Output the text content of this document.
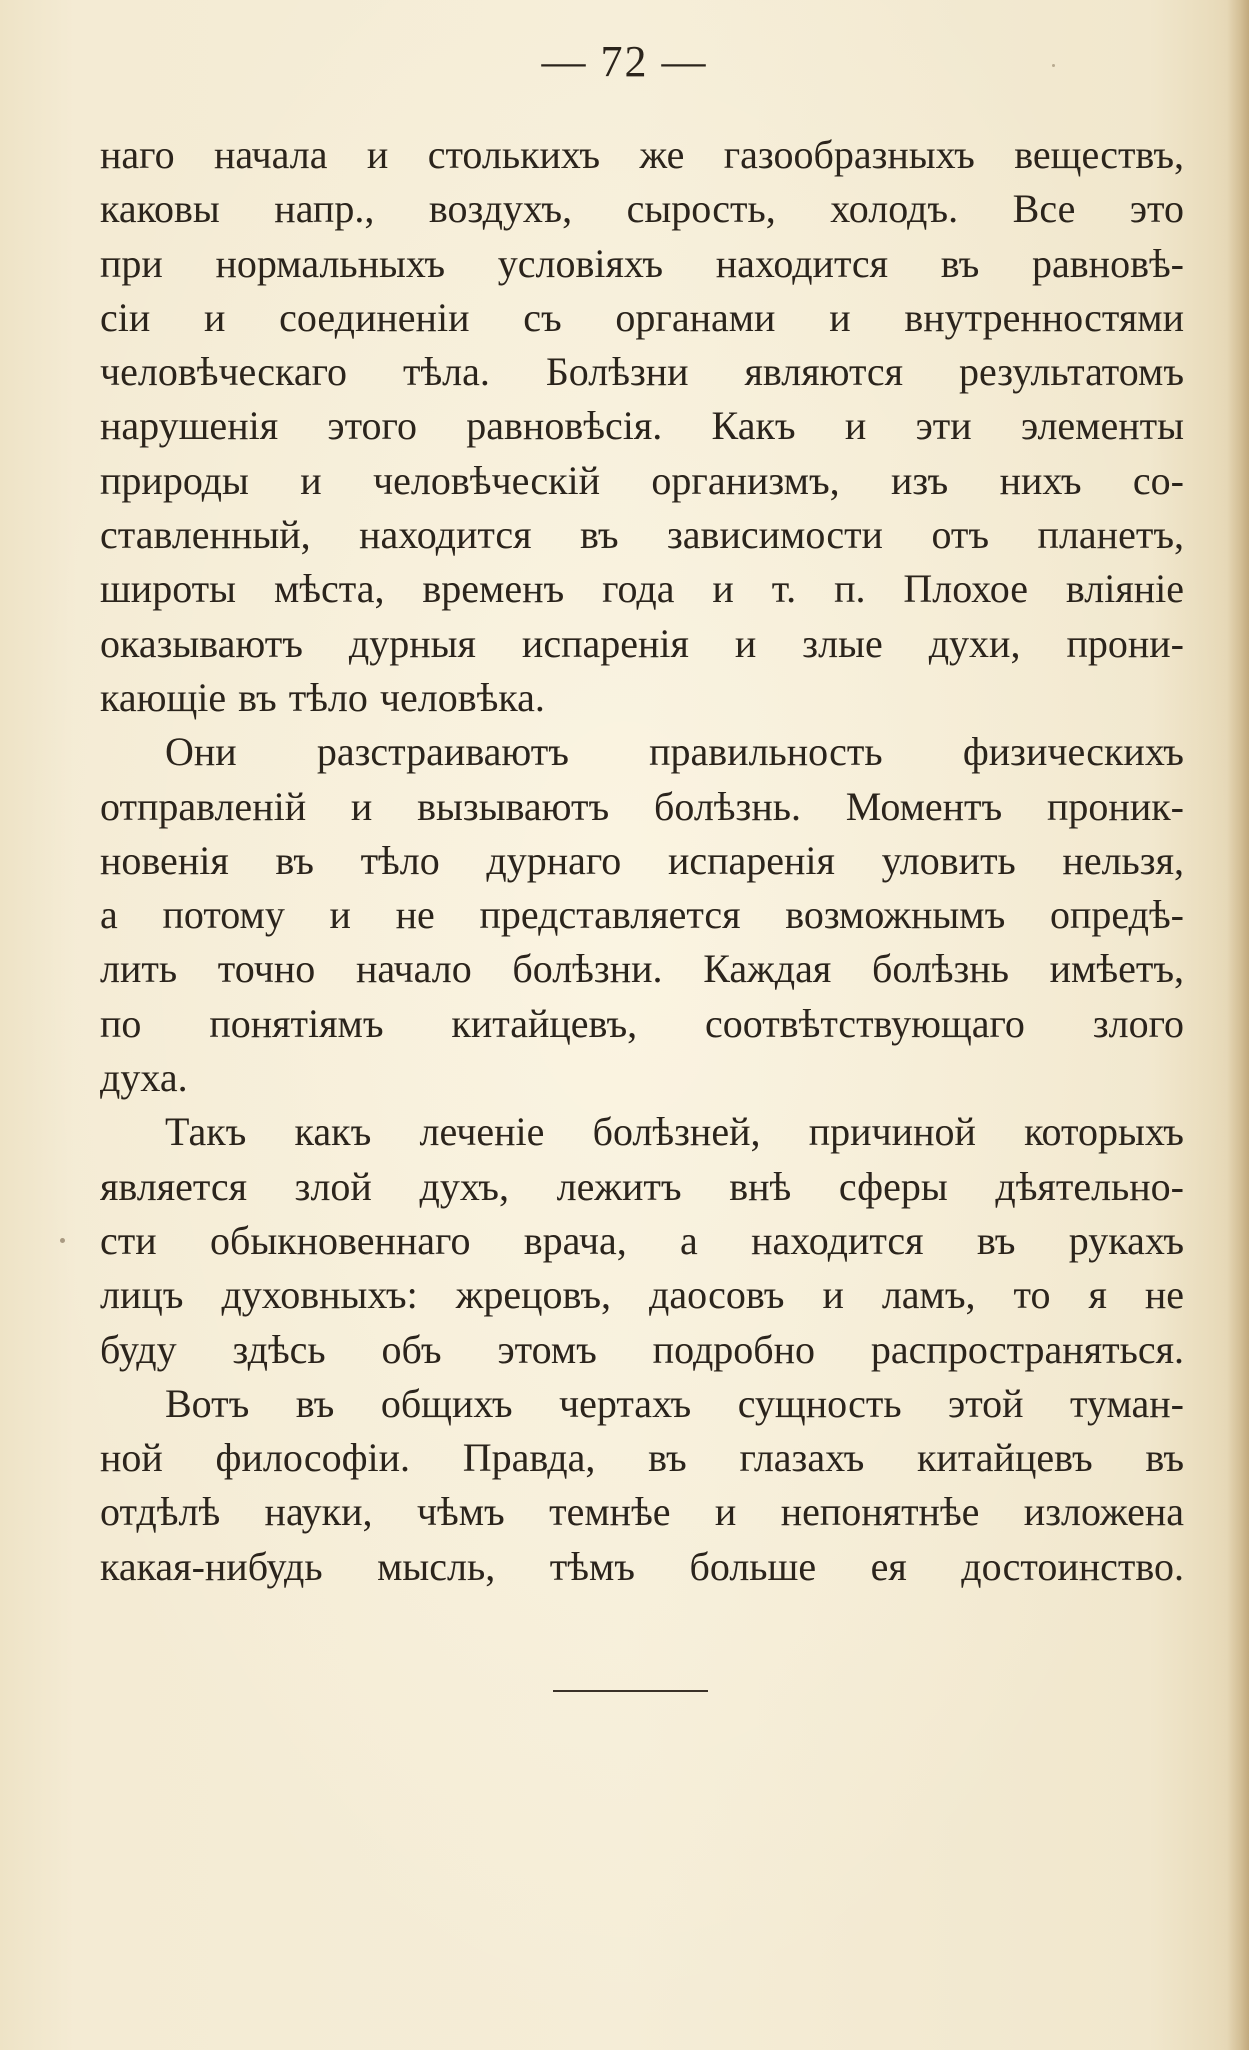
— 72 —
наго начала и столькихъ же газообразныхъ веществъ,
каковы напр., воздухъ, сырость, холодъ. Все это
при нормальныхъ условiяхъ находится въ равновѣ-
сiи и соединенiи съ органами и внутренностями
человѣческаго тѣла. Болѣзни являются результатомъ
нарушенiя этого равновѣсiя. Какъ и эти элементы
природы и человѣческiй организмъ, изъ нихъ со-
ставленный, находится въ зависимости отъ планетъ,
широты мѣста, временъ года и т. п. Плохое влiянiе
оказываютъ дурныя испаренiя и злые духи, прони-
кающiе въ тѣло человѣка.
Они разстраиваютъ правильность физическихъ
отправленiй и вызываютъ болѣзнь. Моментъ проник-
новенiя въ тѣло дурнаго испаренiя уловить нельзя,
а потому и не представляется возможнымъ опредѣ-
лить точно начало болѣзни. Каждая болѣзнь имѣетъ,
по понятiямъ китайцевъ, соотвѣтствующаго злого
духа.
Такъ какъ леченiе болѣзней, причиной которыхъ
является злой духъ, лежитъ внѣ сферы дѣятельно-
сти обыкновеннаго врача, а находится въ рукахъ
лицъ духовныхъ: жрецовъ, даосовъ и ламъ, то я не
буду здѣсь объ этомъ подробно распространяться.
Вотъ въ общихъ чертахъ сущность этой туман-
ной философiи. Правда, въ глазахъ китайцевъ въ
отдѣлѣ науки, чѣмъ темнѣе и непонятнѣе изложена
какая-нибудь мысль, тѣмъ больше ея достоинство.
